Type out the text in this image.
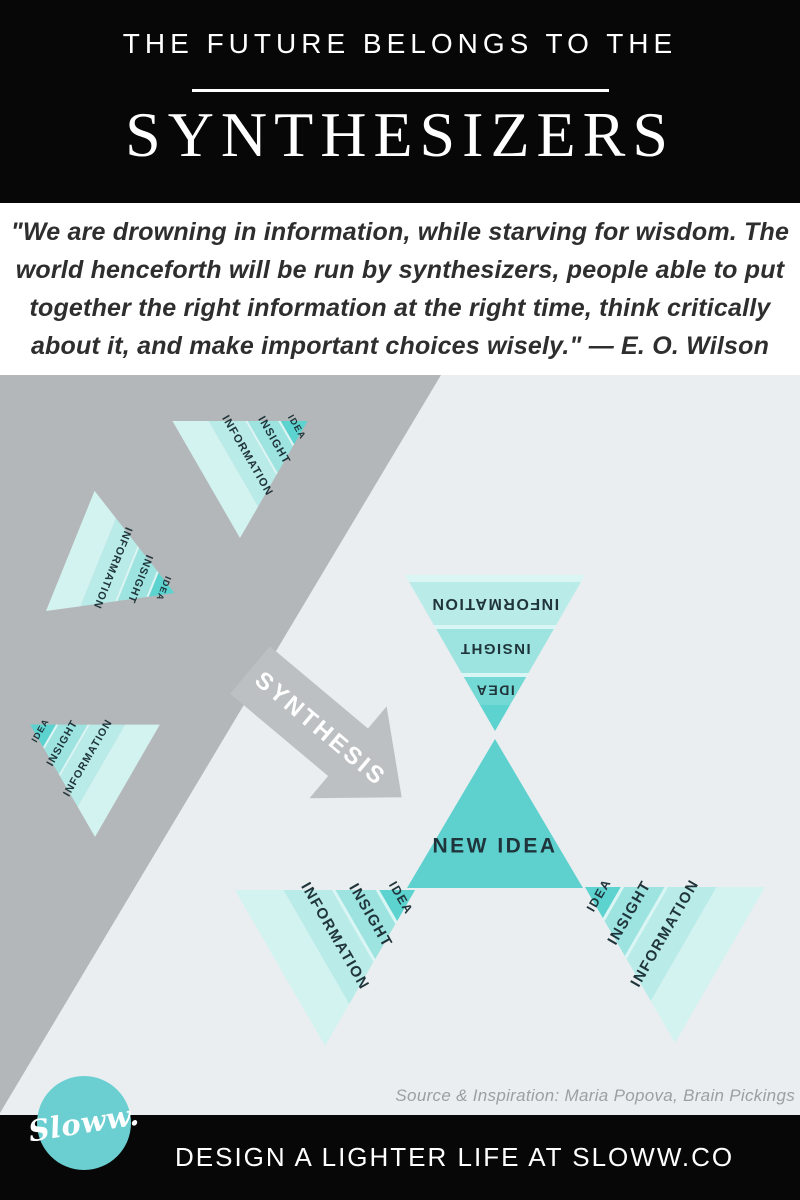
THE FUTURE BELONGS TO THE
SYNTHESIZERS
"We are drowning in information, while starving for wisdom. The
world henceforth will be run by synthesizers, people able to put
together the right information at the right time, think critically
about it, and make important choices wisely." — E. O. Wilson
SYNTHESIS
NEW IDEA
Source & Inspiration: Maria Popova, Brain Pickings
DESIGN A LIGHTER LIFE AT SLOWW.CO
Sloww.
